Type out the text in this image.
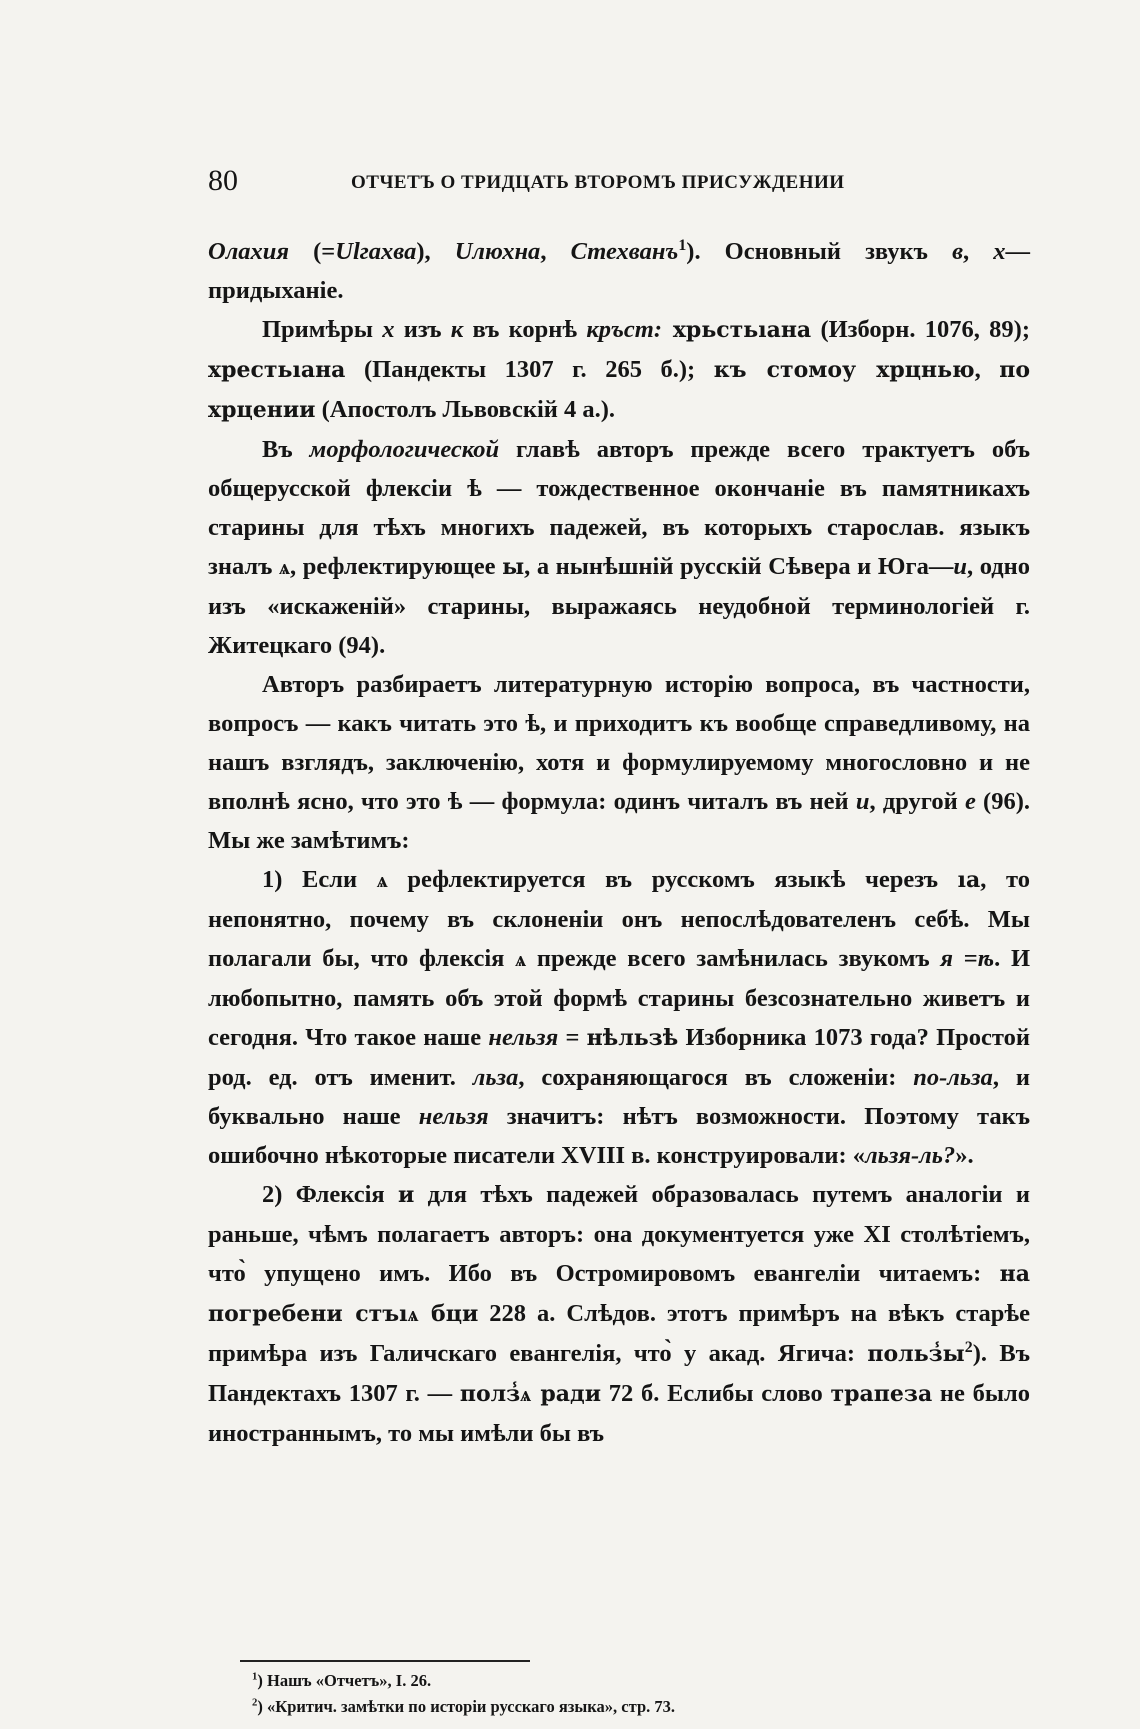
80	ОТЧЕТЪ О ТРИДЦАТЬ ВТОРОМЪ ПРИСУЖДЕНИИ

Олахия (=Ulгахва), Uлюхна, Стехванъ$^1$). Основный звукъ в, х— придыханіе.

Примѣры х изъ к въ корнѣ кръст: хрьстьıана (Изборн. 1076, 89); хрестьıана (Пандекты 1307 г. 265 б.); къ стомоу хрцнью, по хрцении (Апостолъ Львовскій 4 а.).

Въ морфологической главѣ авторъ прежде всего трактуетъ объ общерусской флексіи ѣ — тождественное окончаніе въ памятникахъ старины для тѣхъ многихъ падежей, въ которыхъ старослав. языкъ зналъ ѧ, рефлектирующее ы, а нынѣшній русскій Сѣвера и Юга—и, одно изъ «искаженій» старины, выражаясь неудобной терминологіей г. Житецкаго (94).

Авторъ разбираетъ литературную исторію вопроса, въ частности, вопросъ — какъ читать это ѣ, и приходитъ къ вообще справедливому, на нашъ взглядъ, заключенію, хотя и формулируемому многословно и не вполнѣ ясно, что это ѣ — формула: одинъ читалъ въ ней и, другой е (96). Мы же замѣтимъ:

1) Если ѧ рефлектируется въ русскомъ языкѣ черезъ ıа, то непонятно, почему въ склоненіи онъ непослѣдователенъ себѣ. Мы полагали бы, что флексія ѧ прежде всего замѣнилась звукомъ я =ѣ. И любопытно, память объ этой формѣ старины безсознательно живетъ и сегодня. Что такое наше нельзя = нѣльзѣ Изборника 1073 года? Простой род. ед. отъ именит. льза, сохраняющагося въ сложеніи: по-льза, и буквально наше нельзя значитъ: нѣтъ возможности. Поэтому такъ ошибочно нѣкоторые писатели XVIII в. конструировали: «льзя-ль?».

2) Флексія и для тѣхъ падежей образовалась путемъ аналогіи и раньше, чѣмъ полагаетъ авторъ: она документуется уже XI столѣтіемъ, что̀ упущено имъ. Ибо въ Остромировомъ евангеліи читаемъ: на погребени стъıѧ бци 228 а. Слѣдов. этотъ примѣръ на вѣкъ старѣе примѣра изъ Галичскаго евангелія, что̀ у акад. Ягича: $польз̾ы^2$). Въ Пандектахъ 1307 г. — полз̾ѧ ради 72 б. Еслибы слово трапеза не было иностраннымъ, то мы имѣли бы въ

$^1$) Нашъ «Отчетъ», I. 26.

$^2$) «Критич. замѣтки по исторіи русскаго языка», стр. 73.
